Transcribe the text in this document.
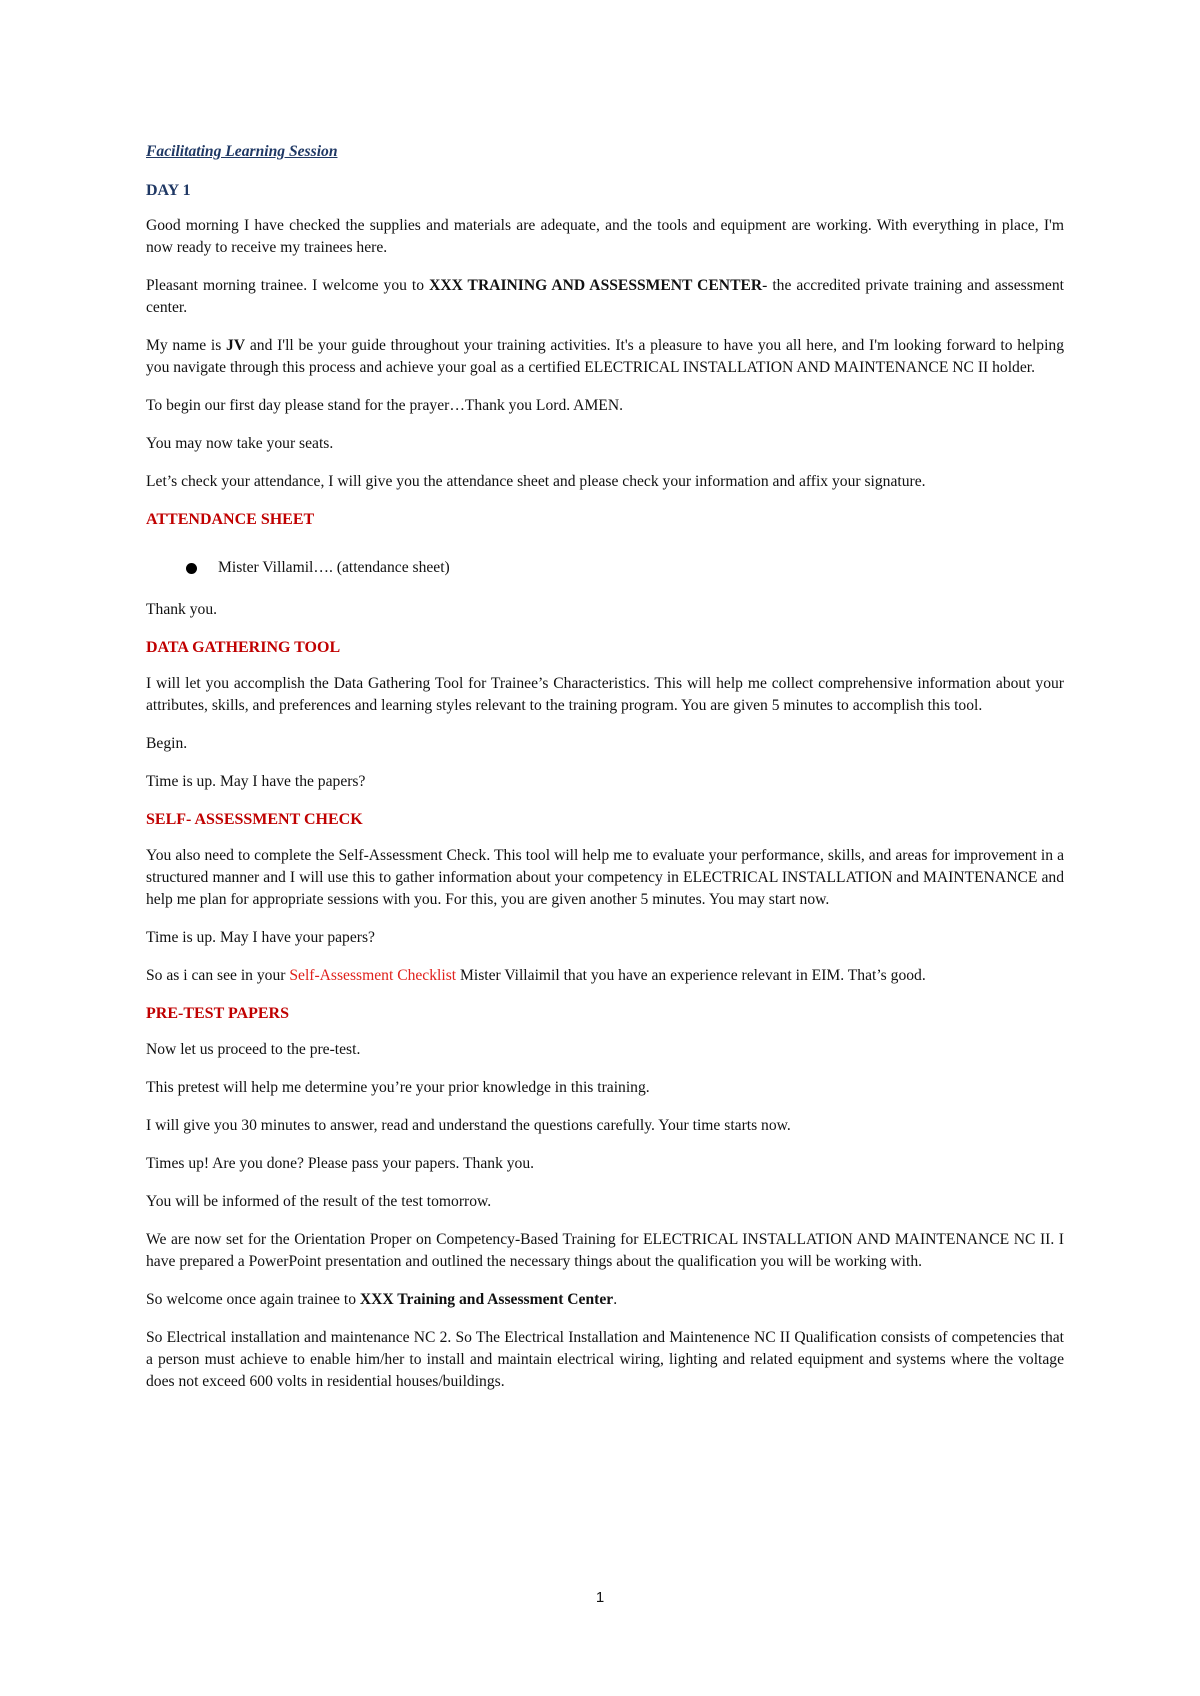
Facilitating Learning Session
DAY 1

Good morning I have checked the supplies and materials are adequate, and the tools and equipment are working. With everything in place, I'm now ready to receive my trainees here.

Pleasant morning trainee. I welcome you to XXX TRAINING AND ASSESSMENT CENTER- the accredited private training and assessment center.

My name is JV and I'll be your guide throughout your training activities. It's a pleasure to have you all here, and I'm looking forward to helping you navigate through this process and achieve your goal as a certified ELECTRICAL INSTALLATION AND MAINTENANCE NC II holder.

To begin our first day please stand for the prayer…Thank you Lord. AMEN.

You may now take your seats.

Let’s check your attendance, I will give you the attendance sheet and please check your information and affix your signature.

ATTENDANCE SHEET
Mister Villamil…. (attendance sheet)

Thank you.

DATA GATHERING TOOL

I will let you accomplish the Data Gathering Tool for Trainee’s Characteristics. This will help me collect comprehensive information about your attributes, skills, and preferences and learning styles relevant to the training program. You are given 5 minutes to accomplish this tool.

Begin.

Time is up. May I have the papers?

SELF- ASSESSMENT CHECK

You also need to complete the Self-Assessment Check. This tool will help me to evaluate your performance, skills, and areas for improvement in a structured manner and I will use this to gather information about your competency in ELECTRICAL INSTALLATION and MAINTENANCE and help me plan for appropriate sessions with you. For this, you are given another 5 minutes. You may start now.

Time is up. May I have your papers?

So as i can see in your Self-Assessment Checklist Mister Villaimil that you have an experience relevant in EIM. That’s good.

PRE-TEST PAPERS

Now let us proceed to the pre-test.

This pretest will help me determine you’re your prior knowledge in this training.

I will give you 30 minutes to answer, read and understand the questions carefully. Your time starts now.

Times up! Are you done? Please pass your papers. Thank you.

You will be informed of the result of the test tomorrow.

We are now set for the Orientation Proper on Competency-Based Training for ELECTRICAL INSTALLATION AND MAINTENANCE NC II. I have prepared a PowerPoint presentation and outlined the necessary things about the qualification you will be working with.

So welcome once again trainee to XXX Training and Assessment Center.

So Electrical installation and maintenance NC 2. So The Electrical Installation and Maintenence NC II Qualification consists of competencies that a person must achieve to enable him/her to install and maintain electrical wiring, lighting and related equipment and systems where the voltage does not exceed 600 volts in residential houses/buildings.

1
